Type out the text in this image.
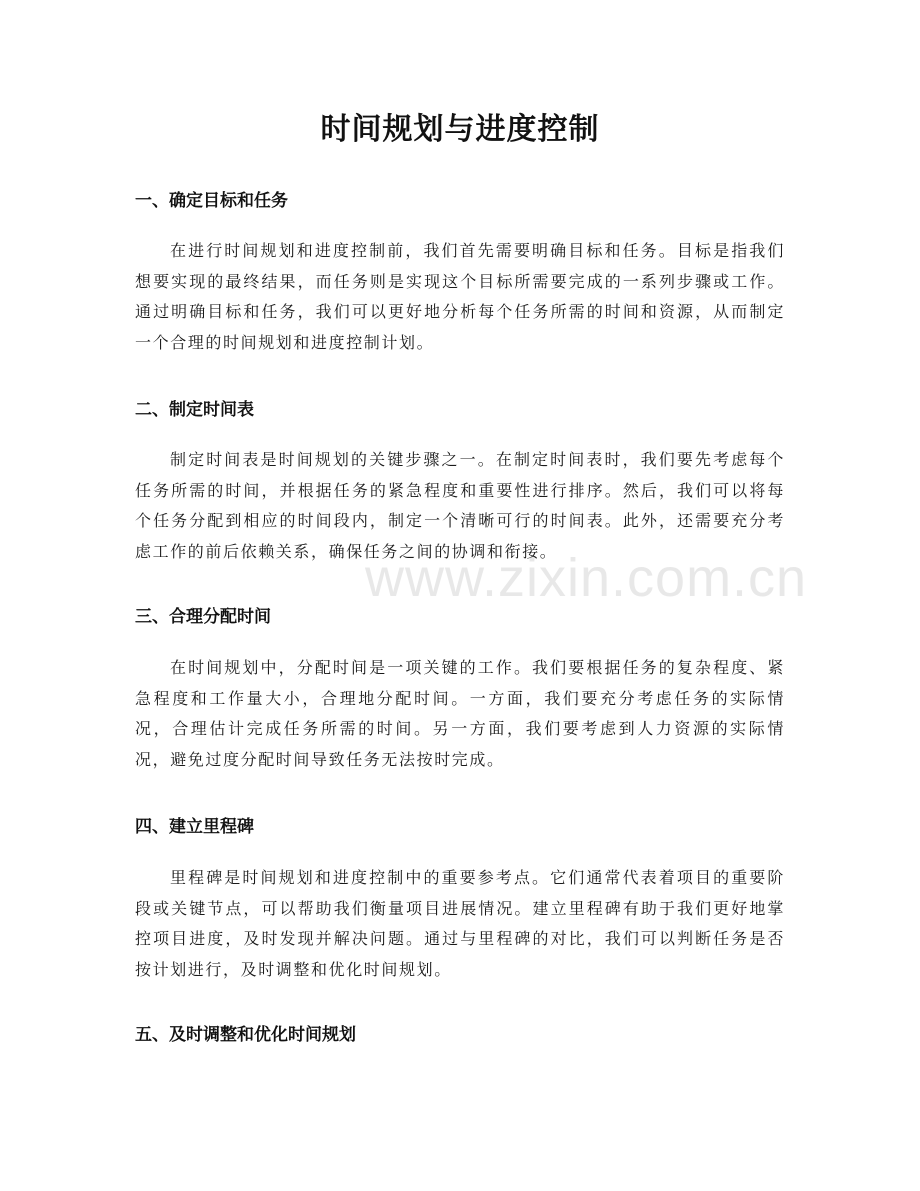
时间规划与进度控制
一、确定目标和任务

在进行时间规划和进度控制前，我们首先需要明确目标和任务。目标是指我们想要实现的最终结果，而任务则是实现这个目标所需要完成的一系列步骤或工作。通过明确目标和任务，我们可以更好地分析每个任务所需的时间和资源，从而制定一个合理的时间规划和进度控制计划。

二、制定时间表

制定时间表是时间规划的关键步骤之一。在制定时间表时，我们要先考虑每个任务所需的时间，并根据任务的紧急程度和重要性进行排序。然后，我们可以将每个任务分配到相应的时间段内，制定一个清晰可行的时间表。此外，还需要充分考虑工作的前后依赖关系，确保任务之间的协调和衔接。

三、合理分配时间

在时间规划中，分配时间是一项关键的工作。我们要根据任务的复杂程度、紧急程度和工作量大小，合理地分配时间。一方面，我们要充分考虑任务的实际情况，合理估计完成任务所需的时间。另一方面，我们要考虑到人力资源的实际情况，避免过度分配时间导致任务无法按时完成。

四、建立里程碑

里程碑是时间规划和进度控制中的重要参考点。它们通常代表着项目的重要阶段或关键节点，可以帮助我们衡量项目进展情况。建立里程碑有助于我们更好地掌控项目进度，及时发现并解决问题。通过与里程碑的对比，我们可以判断任务是否按计划进行，及时调整和优化时间规划。

五、及时调整和优化时间规划
www.zixin.com.cn
